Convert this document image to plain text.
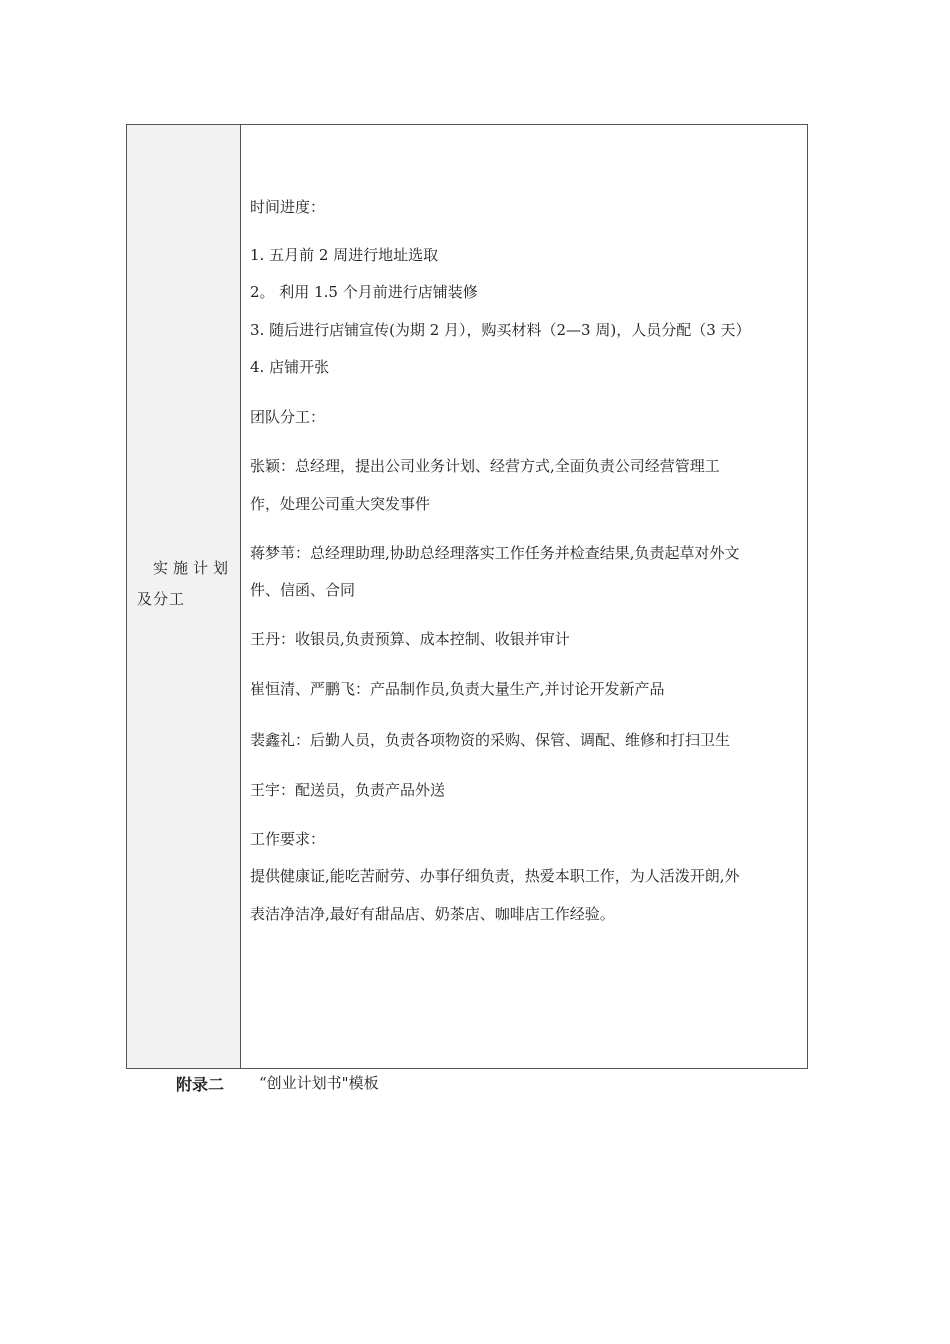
实施计划
及分工
时间进度：
1. 五月前 2 周进行地址选取
2。 利用 1.5 个月前进行店铺装修
3. 随后进行店铺宣传(为期 2 月），购买材料（2—3 周)，人员分配（3 天）
4. 店铺开张
团队分工：
张颖：总经理，提出公司业务计划、经营方式,全面负责公司经营管理工
作，处理公司重大突发事件
蒋梦苇：总经理助理,协助总经理落实工作任务并检查结果,负责起草对外文
件、信函、合同
王丹：收银员,负责预算、成本控制、收银并审计
崔恒清、严鹏飞：产品制作员,负责大量生产,并讨论开发新产品
裴鑫礼：后勤人员，负责各项物资的采购、保管、调配、维修和打扫卫生
王宇：配送员，负责产品外送
工作要求：
提供健康证,能吃苦耐劳、办事仔细负责，热爱本职工作，为人活泼开朗,外
表洁净洁净,最好有甜品店、奶茶店、咖啡店工作经验。
附录二 “创业计划书"模板
